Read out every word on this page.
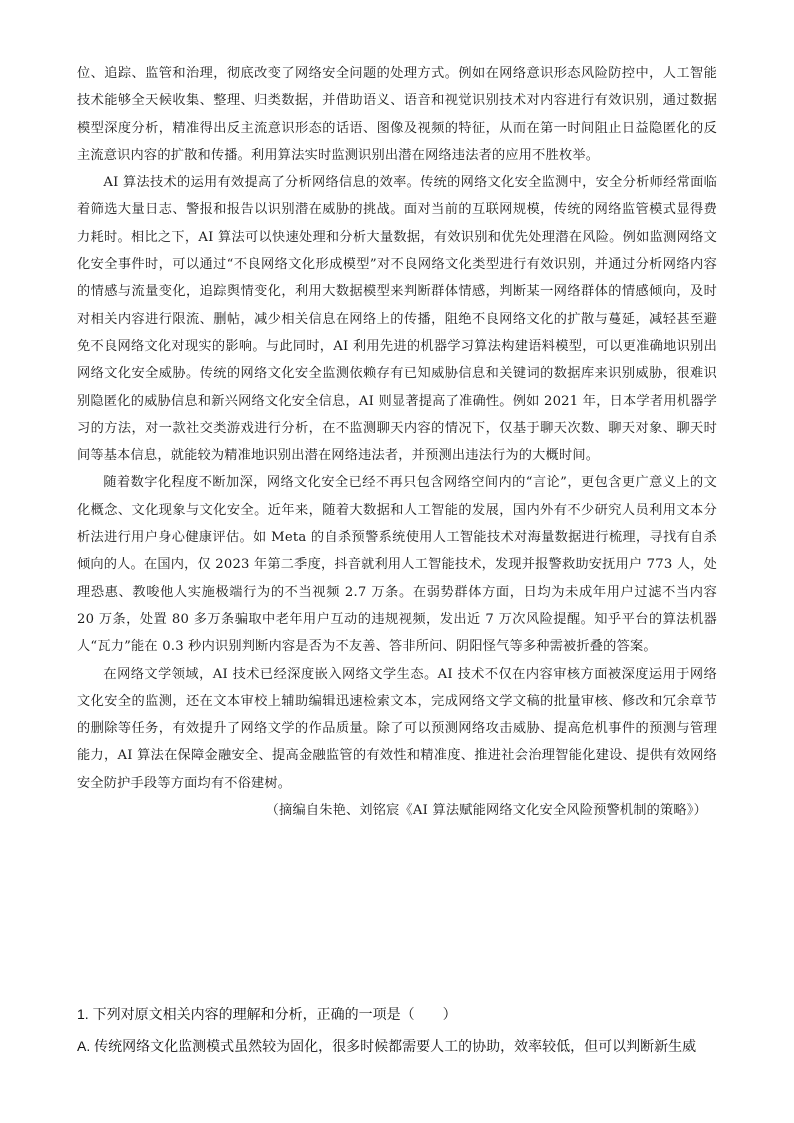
位、追踪、监管和治理，彻底改变了网络安全问题的处理方式。例如在网络意识形态风险防控中，人工智能技术能够全天候收集、整理、归类数据，并借助语义、语音和视觉识别技术对内容进行有效识别，通过数据模型深度分析，精准得出反主流意识形态的话语、图像及视频的特征，从而在第一时间阻止日益隐匿化的反主流意识内容的扩散和传播。利用算法实时监测识别出潜在网络违法者的应用不胜枚举。

AI 算法技术的运用有效提高了分析网络信息的效率。传统的网络文化安全监测中，安全分析师经常面临着筛选大量日志、警报和报告以识别潜在威胁的挑战。面对当前的互联网规模，传统的网络监管模式显得费力耗时。相比之下，AI 算法可以快速处理和分析大量数据，有效识别和优先处理潜在风险。例如监测网络文化安全事件时，可以通过“不良网络文化形成模型”对不良网络文化类型进行有效识别，并通过分析网络内容的情感与流量变化，追踪舆情变化，利用大数据模型来判断群体情感，判断某一网络群体的情感倾向，及时对相关内容进行限流、删帖，减少相关信息在网络上的传播，阻绝不良网络文化的扩散与蔓延，减轻甚至避免不良网络文化对现实的影响。与此同时，AI 利用先进的机器学习算法构建语料模型，可以更准确地识别出网络文化安全威胁。传统的网络文化安全监测依赖存有已知威胁信息和关键词的数据库来识别威胁，很难识别隐匿化的威胁信息和新兴网络文化安全信息，AI 则显著提高了准确性。例如 2021 年，日本学者用机器学习的方法，对一款社交类游戏进行分析，在不监测聊天内容的情况下，仅基于聊天次数、聊天对象、聊天时间等基本信息，就能较为精准地识别出潜在网络违法者，并预测出违法行为的大概时间。

随着数字化程度不断加深，网络文化安全已经不再只包含网络空间内的“言论”，更包含更广意义上的文化概念、文化现象与文化安全。近年来，随着大数据和人工智能的发展，国内外有不少研究人员利用文本分析法进行用户身心健康评估。如 Meta 的自杀预警系统使用人工智能技术对海量数据进行梳理，寻找有自杀倾向的人。在国内，仅 2023 年第二季度，抖音就利用人工智能技术，发现并报警救助安抚用户 773 人，处理恐惠、教唆他人实施极端行为的不当视频 2.7 万条。在弱势群体方面，日均为未成年用户过滤不当内容 20 万条，处置 80 多万条骗取中老年用户互动的违规视频，发出近 7 万次风险提醒。知乎平台的算法机器人“瓦力”能在 0.3 秒内识别判断内容是否为不友善、答非所问、阴阳怪气等多种需被折叠的答案。

在网络文学领域，AI 技术已经深度嵌入网络文学生态。AI 技术不仅在内容审核方面被深度运用于网络文化安全的监测，还在文本审校上辅助编辑迅速检索文本，完成网络文学文稿的批量审核、修改和冗余章节的删除等任务，有效提升了网络文学的作品质量。除了可以预测网络攻击威胁、提高危机事件的预测与管理能力，AI 算法在保障金融安全、提高金融监管的有效性和精准度、推进社会治理智能化建设、提供有效网络安全防护手段等方面均有不俗建树。

（摘编自朱艳、刘铭宸《AI 算法赋能网络文化安全风险预警机制的策略》）

1. 下列对原文相关内容的理解和分析，正确的一项是（　　）

A. 传统网络文化监测模式虽然较为固化，很多时候都需要人工的协助，效率较低，但可以判断新生威
